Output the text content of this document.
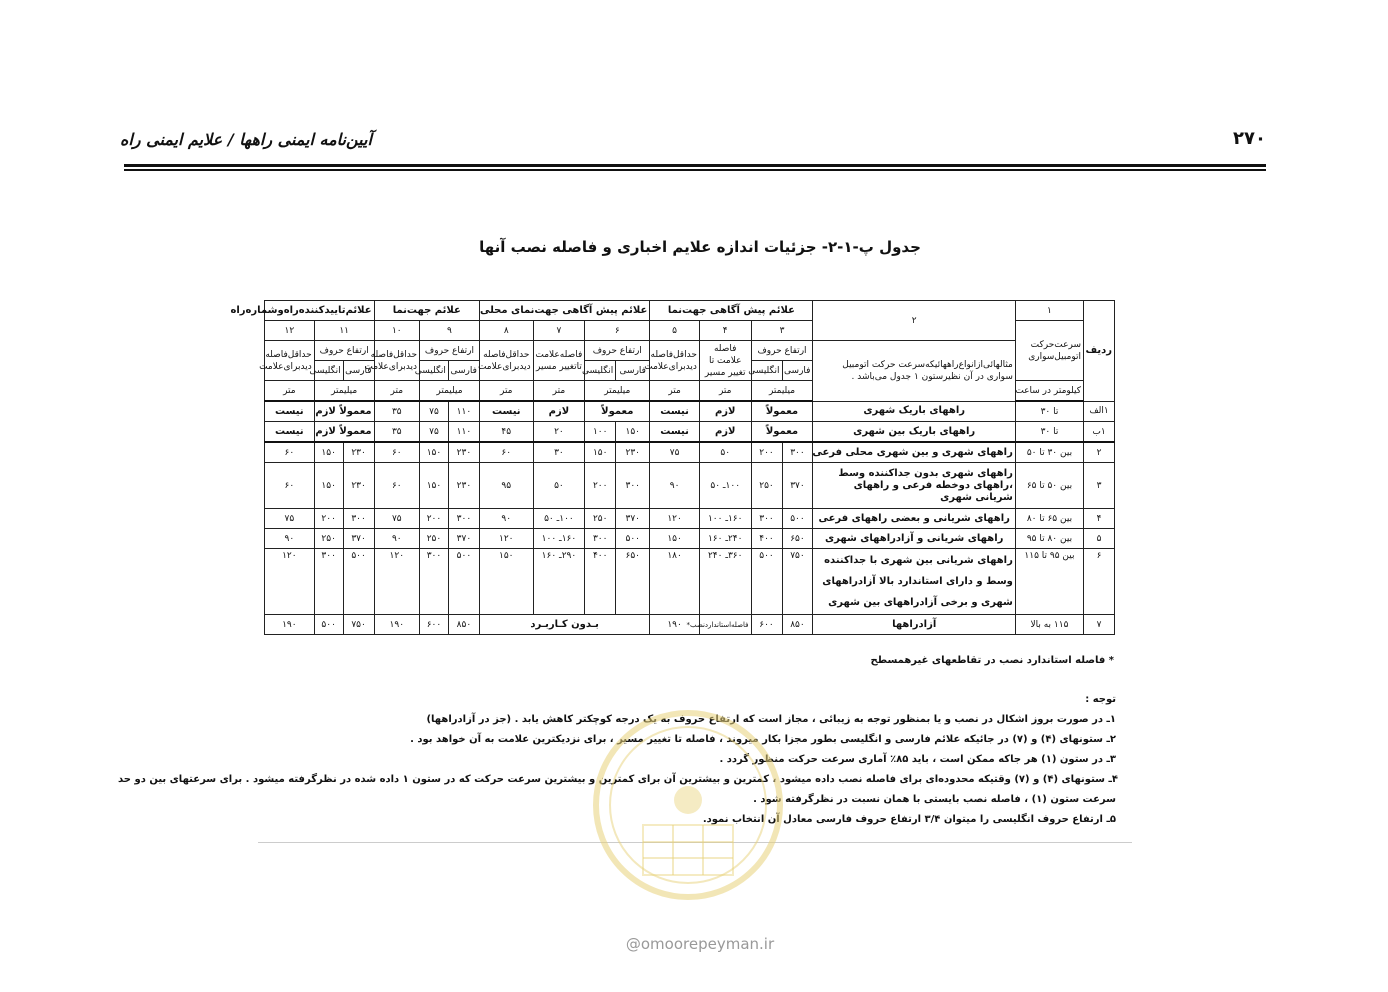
۲۷۰
آیین‌نامه ایمنی راهها / علایم ایمنی راه
جدول پ-۱-۲- جزئیات اندازه علایم اخباری و فاصله نصب آنها
ردیف	۱	۲	علائم پیش آگاهی جهت‌نما				علائم پیش آگاهی جهت‌نمای محلی				علائم جهت‌نما			علائم‌تاییدکننده‌راه‌وشماره‌راه		
	سرعت‌حرکت اتومبیل‌سواری		۳		۴	۵	۶		۷	۸	۹		۱۰	۱۱		۱۲
		مثالهائی‌ازانواع‌راههائیکه‌سرعت حرکت اتومبیل سواری در آن نظیرستون ۱ جدول می‌باشد .	ارتفاع حروف		فاصله علامت تا تغییر مسیر	حداقل‌فاصله دیدبرای‌علامت	ارتفاع حروف		فاصله‌علامت تاتغییر مسیر	حداقل‌فاصله دیدبرای‌علامت	ارتفاع حروف		حداقل‌فاصله دیدبرای‌علامت	ارتفاع حروف		حداقل‌فاصله دیدبرای‌علامت
			فارسی	انگلیسی			فارسی	انگلیسی			فارسی	انگلیسی		فارسی	انگلیسی	
	کیلومتر در ساعت		میلیمتر		متر	متر	میلیمتر		متر	متر	میلیمتر		متر	میلیمتر		متر
۱الف	تا ۳۰	راههای باریک شهری	معمولاً		لازم	نیست	معمولاً		لازم	نیست	۱۱۰	۷۵	۳۵	معمولاً لازم		نیست
۱ب	تا ۳۰	راههای باریک بین شهری	معمولاً		لازم	نیست	۱۵۰	۱۰۰	۲۰	۴۵	۱۱۰	۷۵	۳۵	معمولاً لازم		نیست
۲	بین ۳۰ تا ۵۰	راههای شهری و بین شهری محلی فرعی	۳۰۰	۲۰۰	۵۰	۷۵	۲۳۰	۱۵۰	۳۰	۶۰	۲۳۰	۱۵۰	۶۰	۲۳۰	۱۵۰	۶۰
۳	بین ۵۰ تا ۶۵	راههای شهری بدون جداکننده وسط ،راههای دوخطه فرعی و راههای شریانی شهری	۳۷۰	۲۵۰	۱۰۰ـ ۵۰	۹۰	۳۰۰	۲۰۰	۵۰	۹۵	۲۳۰	۱۵۰	۶۰	۲۳۰	۱۵۰	۶۰
۴	بین ۶۵ تا ۸۰	راههای شریانی و بعضی راههای فرعی	۵۰۰	۳۰۰	۱۶۰ـ ۱۰۰	۱۲۰	۳۷۰	۲۵۰	۱۰۰ـ ۵۰	۹۰	۳۰۰	۲۰۰	۷۵	۳۰۰	۲۰۰	۷۵
۵	بین ۸۰ تا ۹۵	راههای شریانی و آزادراههای شهری	۶۵۰	۴۰۰	۲۴۰ـ ۱۶۰	۱۵۰	۵۰۰	۳۰۰	۱۶۰ـ ۱۰۰	۱۲۰	۳۷۰	۲۵۰	۹۰	۳۷۰	۲۵۰	۹۰
۶	بین ۹۵ تا ۱۱۵	راههای شریانی بین شهری با جداکننده وسط و دارای استاندارد بالا آزادراههای شهری و برخی آزادراههای بین شهری	۷۵۰	۵۰۰	۳۶۰ـ ۲۴۰	۱۸۰	۶۵۰	۴۰۰	۲۹۰ـ ۱۶۰	۱۵۰	۵۰۰	۳۰۰	۱۲۰	۵۰۰	۳۰۰	۱۲۰
۷	۱۱۵ به بالا	آزادراهها	۸۵۰	۶۰۰	فاصله‌استانداردنصب*	۱۹۰	بـدون کـاربـرد				۸۵۰	۶۰۰	۱۹۰	۷۵۰	۵۰۰	۱۹۰
* فاصله استاندارد نصب در تقاطعهای غیرهمسطح
توجه :
۱ـ در صورت بروز اشکال در نصب و یا بمنظور توجه به زیبائی ، مجاز است که ارتفاع حروف به یک درجه کوچکتر کاهش یابد . (جز در آزادراهها)
۲ـ ستونهای (۴) و (۷) در جائیکه علائم فارسی و انگلیسی بطور مجزا بکار میروند ، فاصله تا تغییر مسیر ، برای نزدیکترین علامت به آن خواهد بود .
۳ـ در ستون (۱) هر جاکه ممکن است ، باید ۸۵٪ آماری سرعت حرکت منظور گردد .
۴ـ ستونهای (۴) و (۷) وقتیکه محدوده‌ای برای فاصله نصب داده میشود ، کمترین و بیشترین آن برای کمترین و بیشترین سرعت حرکت که در ستون ۱ داده شده در نظرگرفته میشود . برای سرعتهای بین دو حد
سرعت ستون (۱) ، فاصله نصب بایستی با همان نسبت در نظرگرفته شود .
۵ـ ارتفاع حروف انگلیسی را میتوان ۳/۴ ارتفاع حروف فارسی معادل آن انتخاب نمود.
@omoorepeyman.ir
